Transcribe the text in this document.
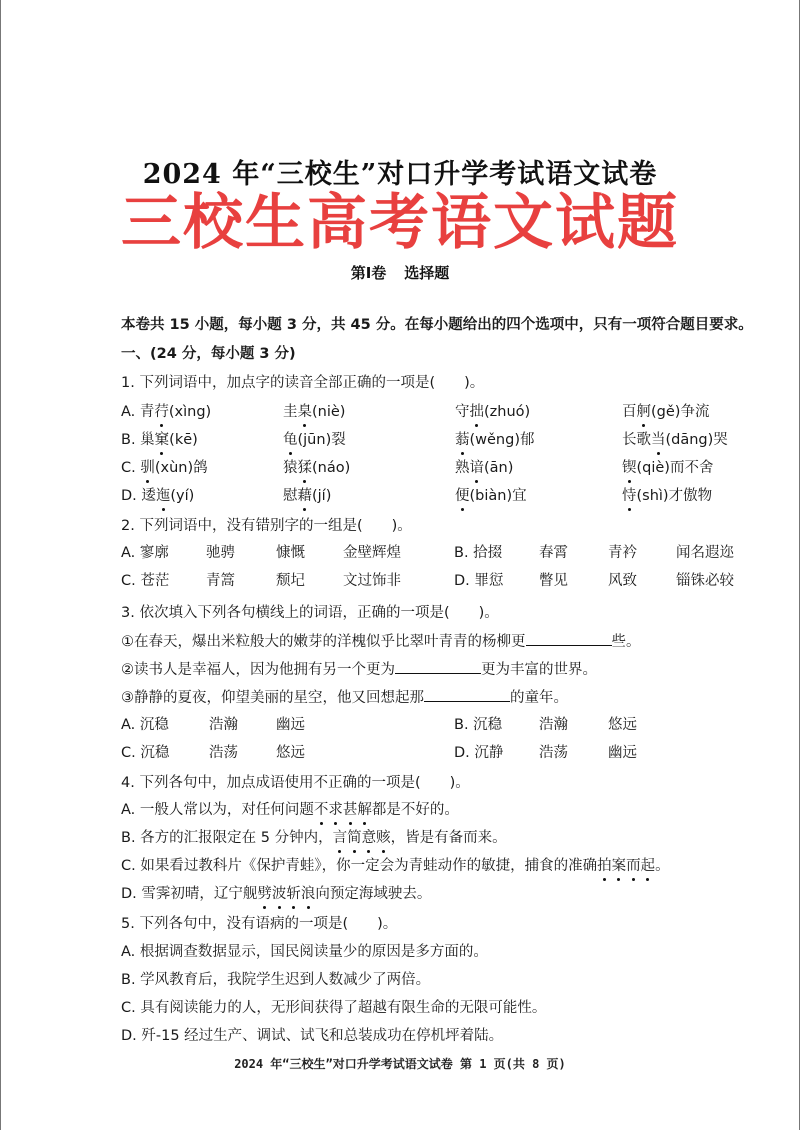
2024 年“三校生”对口升学考试语文试卷
三校生高考语文试题
第Ⅰ卷 选择题
本卷共 15 小题，每小题 3 分，共 45 分。在每小题给出的四个选项中，只有一项符合题目要求。
一、(24 分，每小题 3 分)
1. 下列词语中，加点字的读音全部正确的一项是(　　)。
A. 青荇(xìng)	圭臬(niè)	守拙(zhuó)	百舸(gě)争流
B. 巢窠(kē)	龟(jūn)裂	蓊(wěng)郁	长歌当(dāng)哭
C. 驯(xùn)鸽	猿猱(náo)	熟谙(ān)	锲(qiè)而不舍
D. 逶迤(yí)	慰藉(jí)	便(biàn)宜	恃(shì)才傲物
2. 下列词语中，没有错别字的一组是(　　)。
A. 寥廓	驰骋	慷慨	金壁辉煌	B. 拾掇	春霄	青衿	闻名遐迩
C. 苍茫	青篙	颓圮	文过饰非	D. 罪愆 瞥见	风致	锱铢必较
3. 依次填入下列各句横线上的词语，正确的一项是(　　)。
①在春天，爆出米粒般大的嫩芽的洋槐似乎比翠叶青青的杨柳更	些。
②读书人是幸福人，因为他拥有另一个更为	更为丰富的世界。
③静静的夏夜，仰望美丽的星空，他又回想起那	的童年。
A. 沉稳	浩瀚	幽远	B. 沉稳	浩瀚	悠远
C. 沉稳	浩荡	悠远	D. 沉静 浩荡	幽远
4. 下列各句中，加点成语使用不正确的一项是(　　)。
A. 一般人常以为，对任何问题不求甚解都是不好的。
B. 各方的汇报限定在 5 分钟内，言简意赅，皆是有备而来。
C. 如果看过教科片《保护青蛙》，你一定会为青蛙动作的敏捷，捕食的准确拍案而起。
D. 雪霁初晴，辽宁舰劈波斩浪向预定海域驶去。
5. 下列各句中，没有语病的一项是(　　)。
A. 根据调查数据显示，国民阅读量少的原因是多方面的。
B. 学风教育后，我院学生迟到人数减少了两倍。
C. 具有阅读能力的人，无形间获得了超越有限生命的无限可能性。
D. 歼-15 经过生产、调试、试飞和总装成功在停机坪着陆。
2024 年“三校生”对口升学考试语文试卷 第 1 页(共 8 页)
